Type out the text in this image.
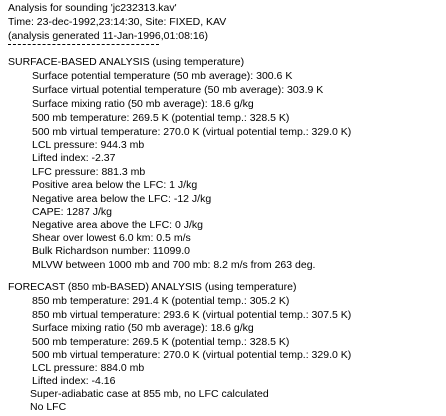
Analysis for sounding 'jc232313.kav'
Time: 23-dec-1992,23:14:30, Site: FIXED, KAV
(analysis generated 11-Jan-1996,01:08:16)
SURFACE-BASED ANALYSIS (using temperature)
Surface potential temperature (50 mb average): 300.6 K
Surface virtual potential temperature (50 mb average): 303.9 K
Surface mixing ratio (50 mb average): 18.6 g/kg
500 mb temperature: 269.5 K (potential temp.: 328.5 K)
500 mb virtual temperature: 270.0 K (virtual potential temp.: 329.0 K)
LCL pressure: 944.3 mb
Lifted index: -2.37
LFC pressure: 881.3 mb
Positive area below the LFC: 1 J/kg
Negative area below the LFC: -12 J/kg
CAPE: 1287 J/kg
Negative area above the LFC: 0 J/kg
Shear over lowest 6.0 km: 0.5 m/s
Bulk Richardson number: 11099.0
MLVW between 1000 mb and 700 mb: 8.2 m/s from 263 deg.
FORECAST (850 mb-BASED) ANALYSIS (using temperature)
850 mb temperature: 291.4 K (potential temp.: 305.2 K)
850 mb virtual temperature: 293.6 K (virtual potential temp.: 307.5 K)
Surface mixing ratio (50 mb average): 18.6 g/kg
500 mb temperature: 269.5 K (potential temp.: 328.5 K)
500 mb virtual temperature: 270.0 K (virtual potential temp.: 329.0 K)
LCL pressure: 884.0 mb
Lifted index: -4.16
Super-adiabatic case at 855 mb, no LFC calculated
No LFC
